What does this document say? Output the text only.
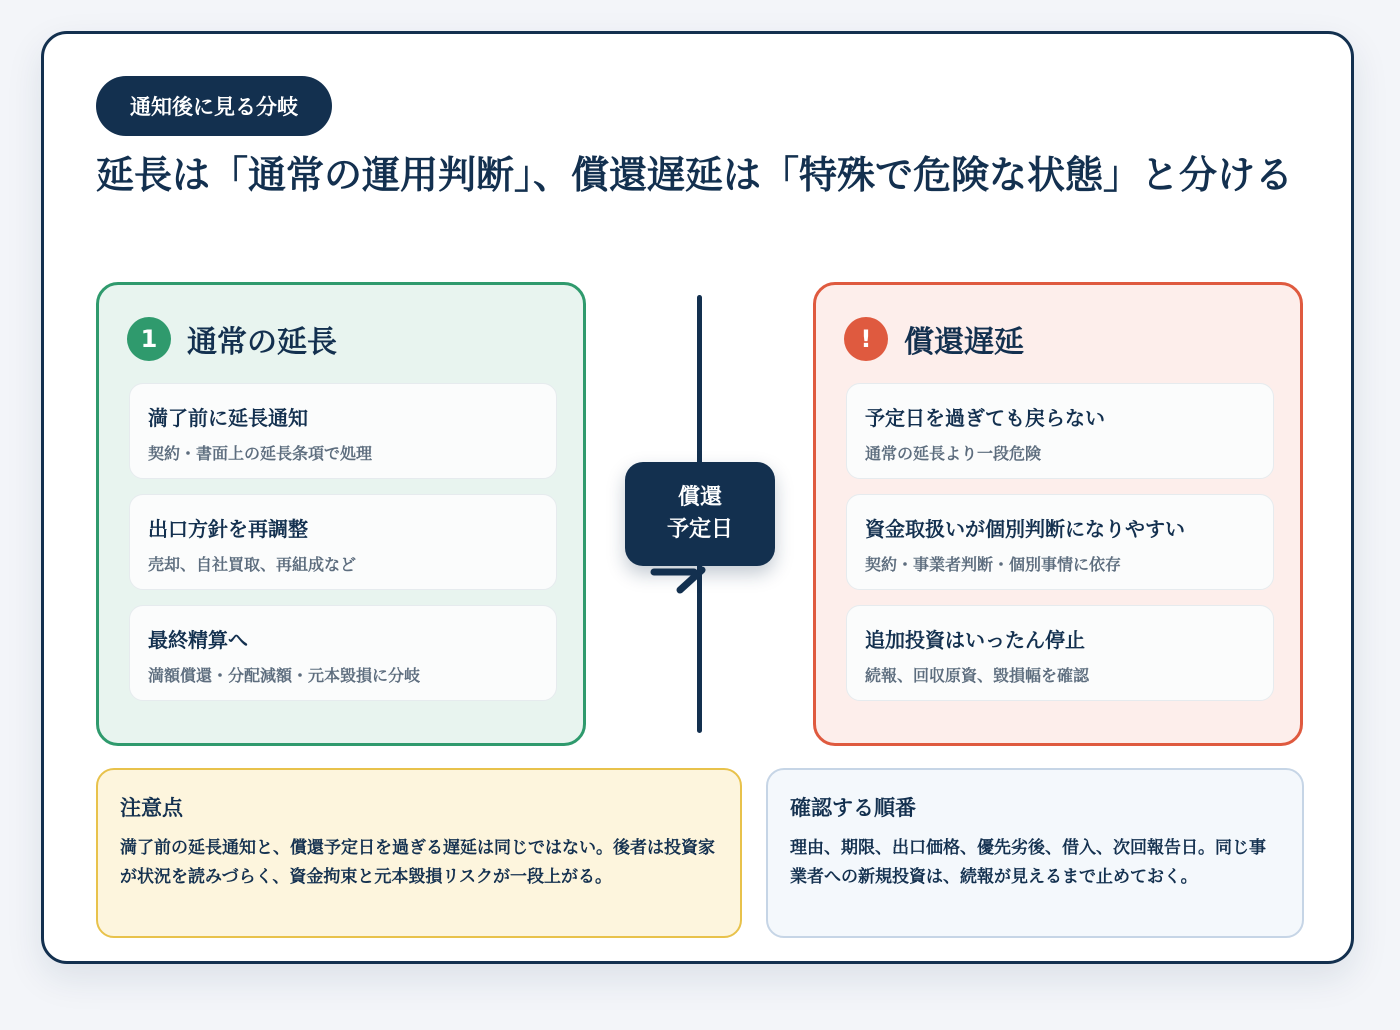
通知後に見る分岐
延長は「通常の運用判断」、償還遅延は「特殊で危険な状態」と分ける
1 通常の延長
満了前に延長通知
契約・書面上の延長条項で処理
出口方針を再調整
売却、自社買取、再組成など
最終精算へ
満額償還・分配減額・元本毀損に分岐
償還
予定日
!	償還遅延
予定日を過ぎても戻らない
通常の延長より一段危険
資金取扱いが個別判断になりやすい
契約・事業者判断・個別事情に依存
追加投資はいったん停止
続報、回収原資、毀損幅を確認
注意点
満了前の延長通知と、償還予定日を過ぎる遅延は同じではない。後者は投資家が状況を読みづらく、資金拘束と元本毀損リスクが一段上がる。
確認する順番
理由、期限、出口価格、優先劣後、借入、次回報告日。同じ事業者への新規投資は、続報が見えるまで止めておく。
